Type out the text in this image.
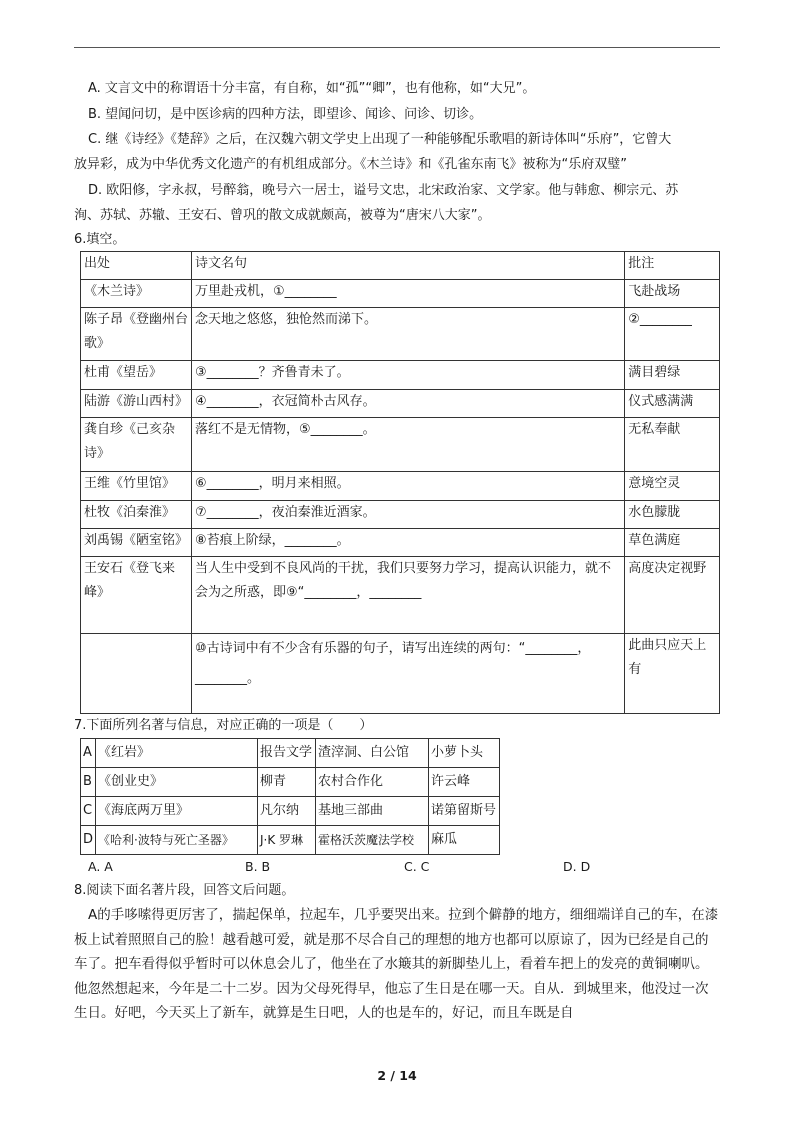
A. 文言文中的称谓语十分丰富，有自称，如“孤”“卿”，也有他称，如“大兄”。
B. 望闻问切，是中医诊病的四种方法，即望诊、闻诊、问诊、切诊。
C. 继《诗经》《楚辞》之后，在汉魏六朝文学史上出现了一种能够配乐歌唱的新诗体叫“乐府”，它曾大
放异彩，成为中华优秀文化遗产的有机组成部分。《木兰诗》和《孔雀东南飞》被称为“乐府双璧”
D. 欧阳修，字永叔，号醉翁，晚号六一居士，谥号文忠，北宋政治家、文学家。他与韩愈、柳宗元、苏
洵、苏轼、苏辙、王安石、曾巩的散文成就颇高，被尊为“唐宋八大家”。
6.填空。
出处	诗文名句	批注
《木兰诗》	万里赴戎机，①________	飞赴战场
陈子昂《登幽州台歌》	念天地之悠悠，独怆然而涕下。	②________
杜甫《望岳》	③________？齐鲁青未了。	满目碧绿
陆游《游山西村》	④________，衣冠简朴古风存。	仪式感满满
龚自珍《己亥杂诗》	落红不是无情物，⑤________。	无私奉献
王维《竹里馆》	⑥________，明月来相照。	意境空灵
杜牧《泊秦淮》	⑦________，夜泊秦淮近酒家。	水色朦胧
刘禹锡《陋室铭》	⑧苔痕上阶绿，________。	草色满庭
王安石《登飞来峰》	当人生中受到不良风尚的干扰，我们只要努力学习，提高认识能力，就不会为之所惑，即⑨“________，________	高度决定视野
	⑩古诗词中有不少含有乐器的句子，请写出连续的两句：“________，________。	此曲只应天上有
7.下面所列名著与信息，对应正确的一项是（　　）
A	《红岩》	报告文学	渣滓洞、白公馆	小萝卜头
B	《创业史》	柳青	农村合作化	许云峰
C	《海底两万里》	凡尔纳	基地三部曲	诺第留斯号
D	《哈利·波特与死亡圣器》	J·K 罗琳	霍格沃茨魔法学校	麻瓜
A. A	B. B	C. C	D. D
8.阅读下面名著片段，回答文后问题。
A的手哆嗦得更厉害了，揣起保单，拉起车，几乎要哭出来。拉到个僻静的地方，细细端详自己的车，在漆板上试着照照自己的脸！越看越可爱，就是那不尽合自己的理想的地方也都可以原谅了，因为已经是自己的车了。把车看得似乎暂时可以休息会儿了，他坐在了水簸其的新脚垫儿上，看着车把上的发亮的黄铜喇叭。他忽然想起来，今年是二十二岁。因为父母死得早，他忘了生日是在哪一天。自从．到城里来，他没过一次生日。好吧，今天买上了新车，就算是生日吧，人的也是车的，好记，而且车既是自
2 / 14
